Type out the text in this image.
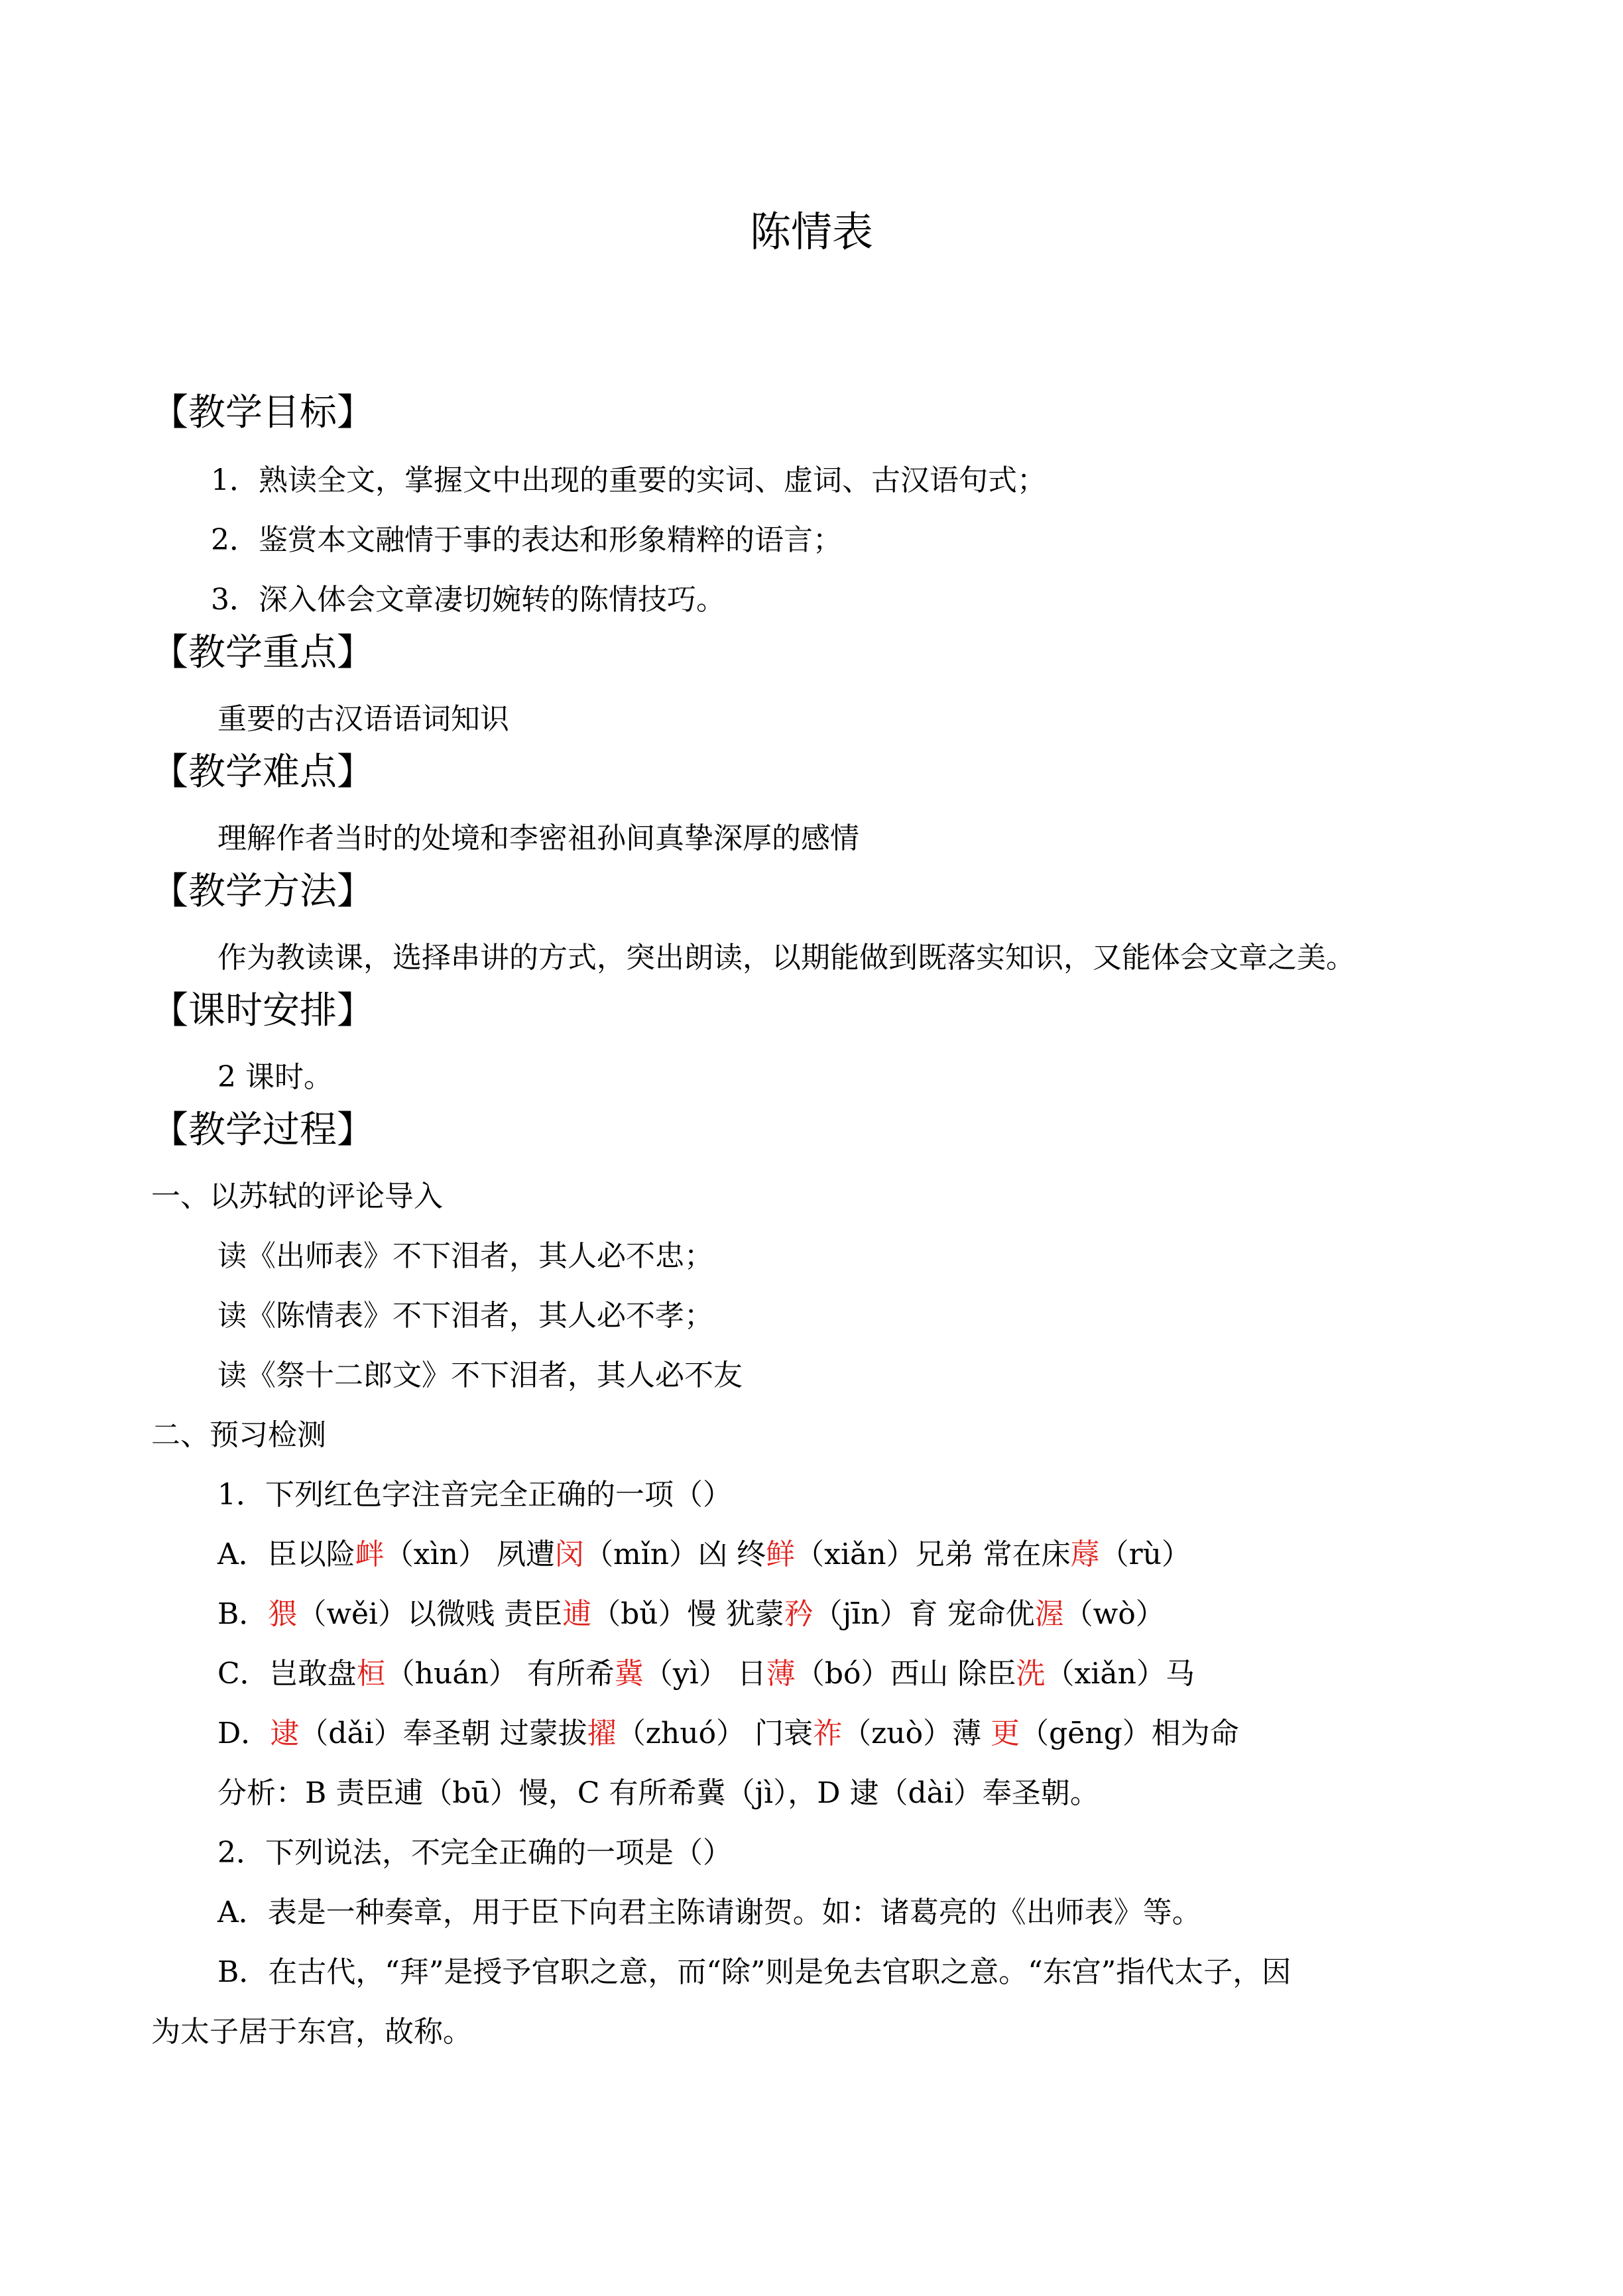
陈情表
【教学目标】
1．熟读全文，掌握文中出现的重要的实词、虚词、古汉语句式；
2．鉴赏本文融情于事的表达和形象精粹的语言；
3．深入体会文章凄切婉转的陈情技巧。
【教学重点】
重要的古汉语语词知识
【教学难点】
理解作者当时的处境和李密祖孙间真挚深厚的感情
【教学方法】
作为教读课，选择串讲的方式，突出朗读，以期能做到既落实知识，又能体会文章之美。
【课时安排】
2 课时。
【教学过程】
一、以苏轼的评论导入
读《出师表》不下泪者，其人必不忠；
读《陈情表》不下泪者，其人必不孝；
读《祭十二郎文》不下泪者，其人必不友
二、预习检测
1．下列红色字注音完全正确的一项（）
A．臣以险衅（xìn） 夙遭闵（mǐn）凶 终鲜（xiǎn）兄弟 常在床蓐（rù）
B．猥（wěi）以微贱 责臣逋（bǔ）慢 犹蒙矜（jīn）育 宠命优渥（wò）
C．岂敢盘桓（huán） 有所希冀（yì） 日薄（bó）西山 除臣洗（xiǎn）马
D．逮（dǎi）奉圣朝 过蒙拔擢（zhuó） 门衰祚（zuò）薄 更（gēng）相为命
分析：B 责臣逋（bū）慢，C 有所希冀（jì），D 逮（dài）奉圣朝。
2．下列说法，不完全正确的一项是（）
A．表是一种奏章，用于臣下向君主陈请谢贺。如：诸葛亮的《出师表》等。
B．在古代，“拜”是授予官职之意，而“除”则是免去官职之意。“东宫”指代太子，因
为太子居于东宫，故称。
